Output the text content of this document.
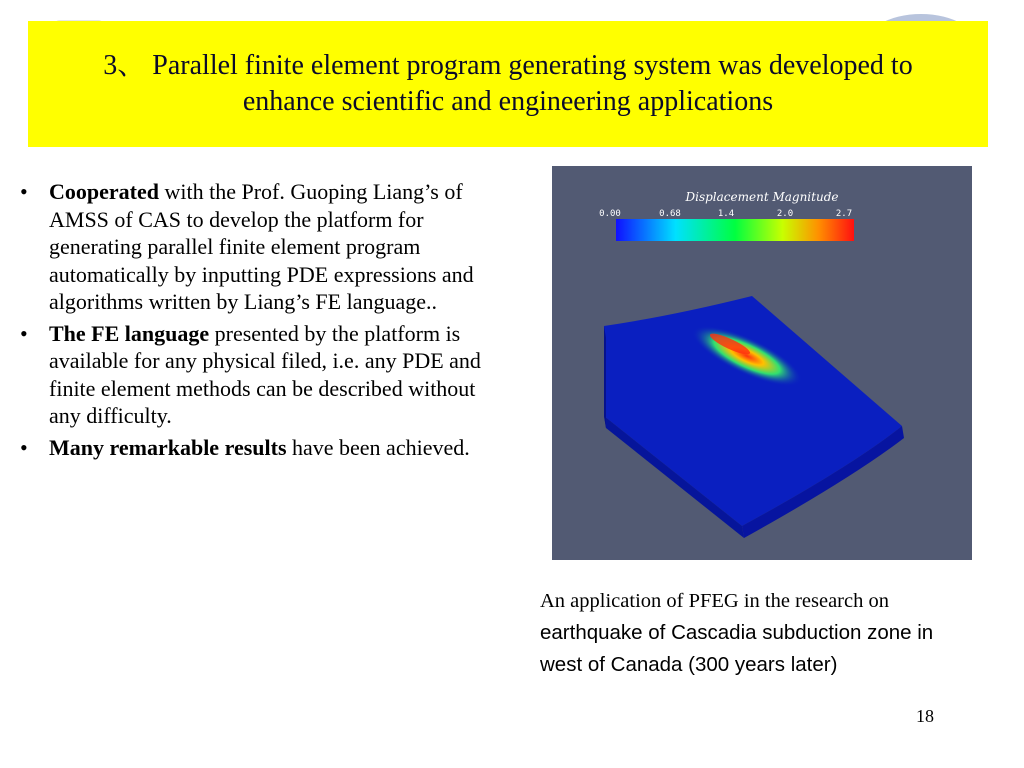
3、 Parallel finite element program generating system was developed to enhance scientific and engineering applications
• Cooperated with the Prof. Guoping Liang’s of AMSS of CAS to develop the platform for generating parallel finite element program automatically by inputting PDE expressions and algorithms written by Liang’s FE language..
• The FE language presented by the platform is available for any physical filed, i.e. any PDE and finite element methods can be described without any difficulty.
• Many remarkable results have been achieved.
Displacement Magnitude
0.00	0.68	1.4	2.0	2.7
An application of PFEG in the research on earthquake of Cascadia subduction zone in west of Canada (300 years later)
18
